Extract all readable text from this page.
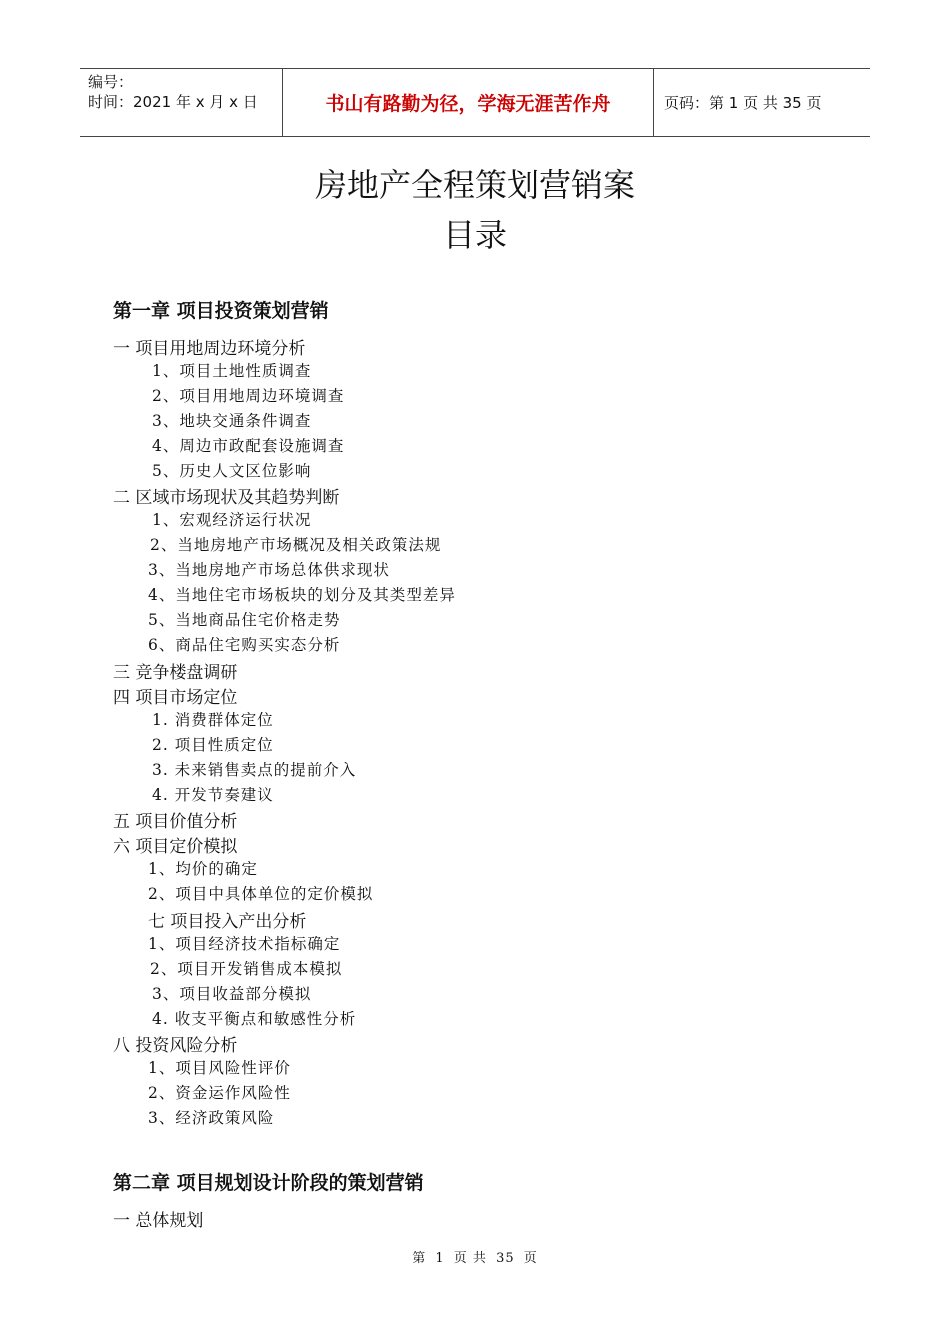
编号：
时间：2021 年 x 月 x 日	书山有路勤为径，学海无涯苦作舟	页码：第 1 页 共 35 页
房地产全程策划营销案
目录
第一章 项目投资策划营销
一 项目用地周边环境分析
1、项目土地性质调查
2、项目用地周边环境调查
3、地块交通条件调查
4、周边市政配套设施调查
5、历史人文区位影响
二 区域市场现状及其趋势判断
1、宏观经济运行状况
2、当地房地产市场概况及相关政策法规
3、当地房地产市场总体供求现状
4、当地住宅市场板块的划分及其类型差异
5、当地商品住宅价格走势
6、商品住宅购买实态分析
三 竞争楼盘调研
四 项目市场定位
1. 消费群体定位
2. 项目性质定位
3. 未来销售卖点的提前介入
4. 开发节奏建议
五 项目价值分析
六 项目定价模拟
1、均价的确定
2、项目中具体单位的定价模拟
七 项目投入产出分析
1、项目经济技术指标确定
2、项目开发销售成本模拟
3、项目收益部分模拟
4. 收支平衡点和敏感性分析
八 投资风险分析
1、项目风险性评价
2、资金运作风险性
3、经济政策风险
第二章 项目规划设计阶段的策划营销
一 总体规划
第 1 页 共 35 页
